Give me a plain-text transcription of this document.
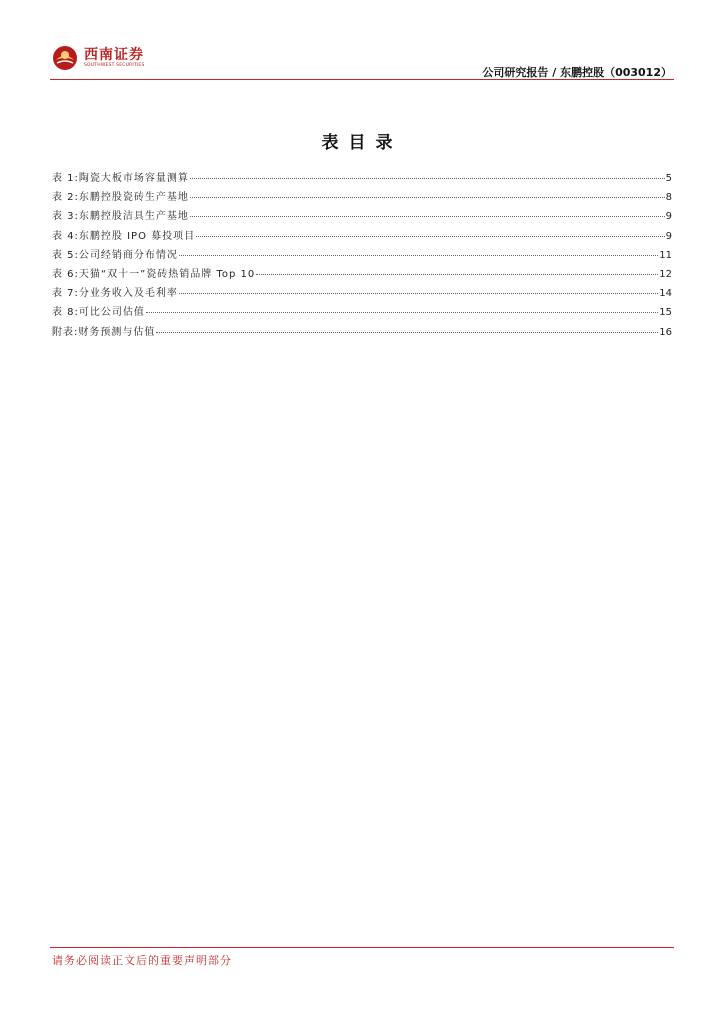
西南证券
SOUTHWEST SECURITIES
公司研究报告 / 东鹏控股（003012）
表目录
表 1: 陶瓷大板市场容量测算	5
表 2: 东鹏控股瓷砖生产基地	8
表 3: 东鹏控股洁具生产基地	9
表 4: 东鹏控股 IPO 募投项目	9
表 5: 公司经销商分布情况	11
表 6: 天猫“双十一”瓷砖热销品牌 Top 10	12
表 7: 分业务收入及毛利率	14
表 8: 可比公司估值	15
附表: 财务预测与估值	16
请务必阅读正文后的重要声明部分
